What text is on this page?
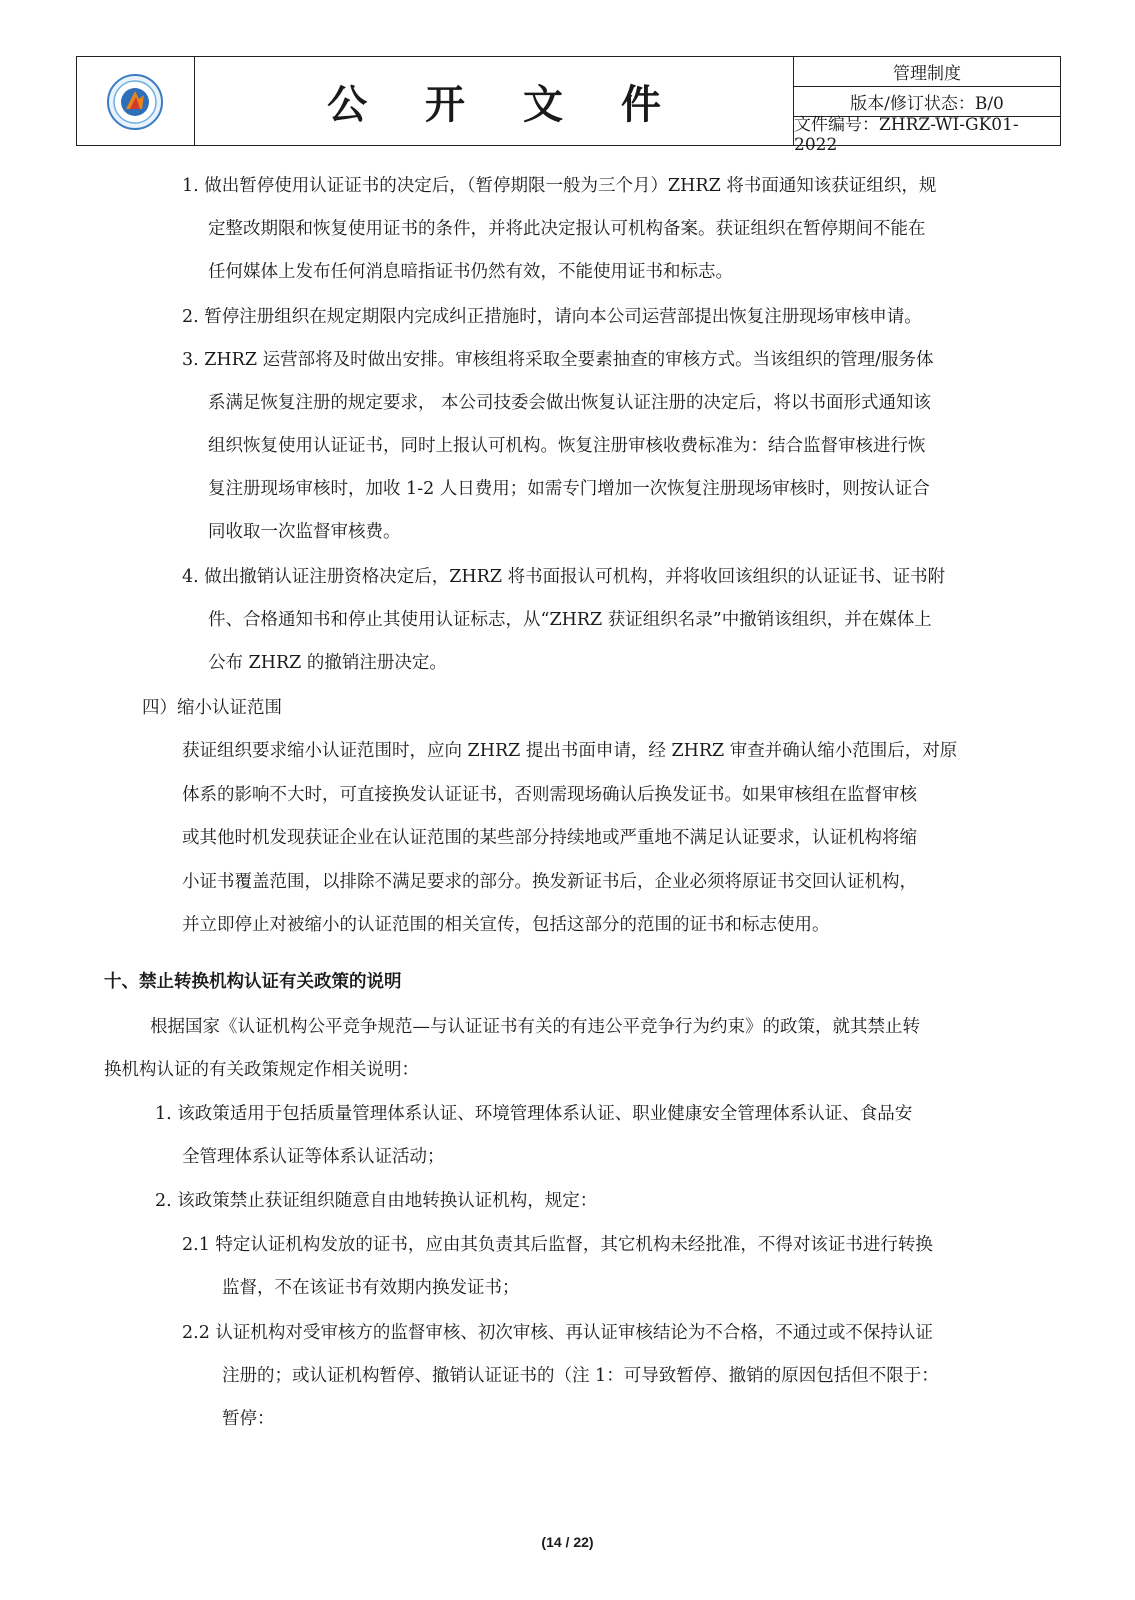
公 开 文 件
管理制度
版本/修订状态：B/0
文件编号：ZHRZ-WI-GK01-2022
1. 做出暂停使用认证证书的决定后，（暂停期限一般为三个月）ZHRZ 将书面通知该获证组织，规
定整改期限和恢复使用证书的条件，并将此决定报认可机构备案。获证组织在暂停期间不能在
任何媒体上发布任何消息暗指证书仍然有效，不能使用证书和标志。
2. 暂停注册组织在规定期限内完成纠正措施时，请向本公司运营部提出恢复注册现场审核申请。
3. ZHRZ 运营部将及时做出安排。审核组将采取全要素抽查的审核方式。当该组织的管理/服务体
系满足恢复注册的规定要求， 本公司技委会做出恢复认证注册的决定后，将以书面形式通知该
组织恢复使用认证证书，同时上报认可机构。恢复注册审核收费标准为：结合监督审核进行恢
复注册现场审核时，加收 1-2 人日费用；如需专门增加一次恢复注册现场审核时，则按认证合
同收取一次监督审核费。
4. 做出撤销认证注册资格决定后，ZHRZ 将书面报认可机构，并将收回该组织的认证证书、证书附
件、合格通知书和停止其使用认证标志，从“ZHRZ 获证组织名录”中撤销该组织，并在媒体上
公布 ZHRZ 的撤销注册决定。
四）缩小认证范围
获证组织要求缩小认证范围时，应向 ZHRZ 提出书面申请，经 ZHRZ 审查并确认缩小范围后，对原
体系的影响不大时，可直接换发认证证书，否则需现场确认后换发证书。如果审核组在监督审核
或其他时机发现获证企业在认证范围的某些部分持续地或严重地不满足认证要求，认证机构将缩
小证书覆盖范围，以排除不满足要求的部分。换发新证书后，企业必须将原证书交回认证机构，
并立即停止对被缩小的认证范围的相关宣传，包括这部分的范围的证书和标志使用。
十、禁止转换机构认证有关政策的说明
根据国家《认证机构公平竞争规范—与认证证书有关的有违公平竞争行为约束》的政策，就其禁止转
换机构认证的有关政策规定作相关说明：
1. 该政策适用于包括质量管理体系认证、环境管理体系认证、职业健康安全管理体系认证、食品安
全管理体系认证等体系认证活动；
2. 该政策禁止获证组织随意自由地转换认证机构，规定：
2.1 特定认证机构发放的证书，应由其负责其后监督，其它机构未经批准，不得对该证书进行转换
监督，不在该证书有效期内换发证书；
2.2 认证机构对受审核方的监督审核、初次审核、再认证审核结论为不合格，不通过或不保持认证
注册的；或认证机构暂停、撤销认证证书的（注 1：可导致暂停、撤销的原因包括但不限于：
暂停：
(14 / 22)
